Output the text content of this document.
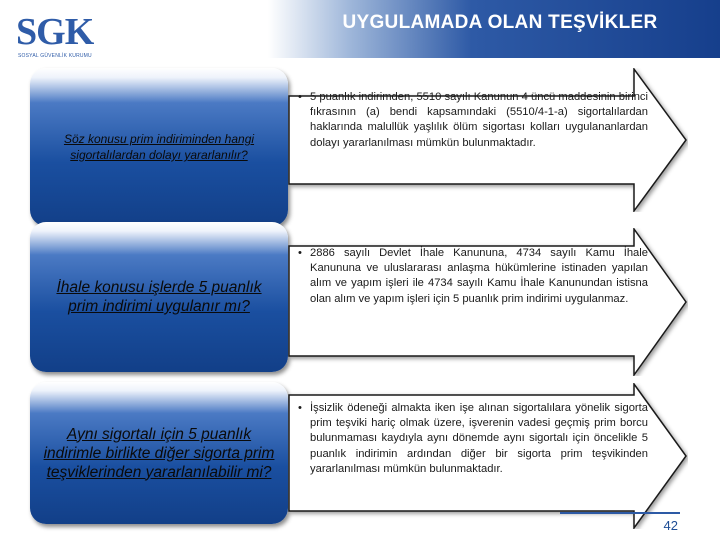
UYGULAMADA OLAN TEŞVİKLER
SGK
SOSYAL GÜVENLİK KURUMU
Söz konusu prim indiriminden hangi sigortalılardan dolayı yararlanılır?
• 5 puanlık indirimden, 5510 sayılı Kanunun 4 üncü maddesinin birinci fıkrasının (a) bendi kapsamındaki (5510/4-1-a) sigortalılardan haklarında malullük yaşlılık ölüm sigortası kolları uygulananlardan dolayı yararlanılması mümkün bulunmaktadır.
İhale konusu işlerde 5 puanlık prim indirimi uygulanır mı?
• 2886 sayılı Devlet İhale Kanununa, 4734 sayılı Kamu İhale Kanununa ve uluslararası anlaşma hükümlerine istinaden yapılan alım ve yapım işleri ile 4734 sayılı Kamu İhale Kanunundan istisna olan alım ve yapım işleri için 5 puanlık prim indirimi uygulanmaz.
Aynı sigortalı için 5 puanlık indirimle birlikte diğer sigorta prim teşviklerinden yararlanılabilir mi?
• İşsizlik ödeneği almakta iken işe alınan sigortalılara yönelik sigorta prim teşviki hariç olmak üzere, işverenin vadesi geçmiş prim borcu bulunmaması kaydıyla aynı dönemde aynı sigortalı için öncelikle 5 puanlık indirimin ardından diğer bir sigorta prim teşvikinden yararlanılması mümkün bulunmaktadır.
42
